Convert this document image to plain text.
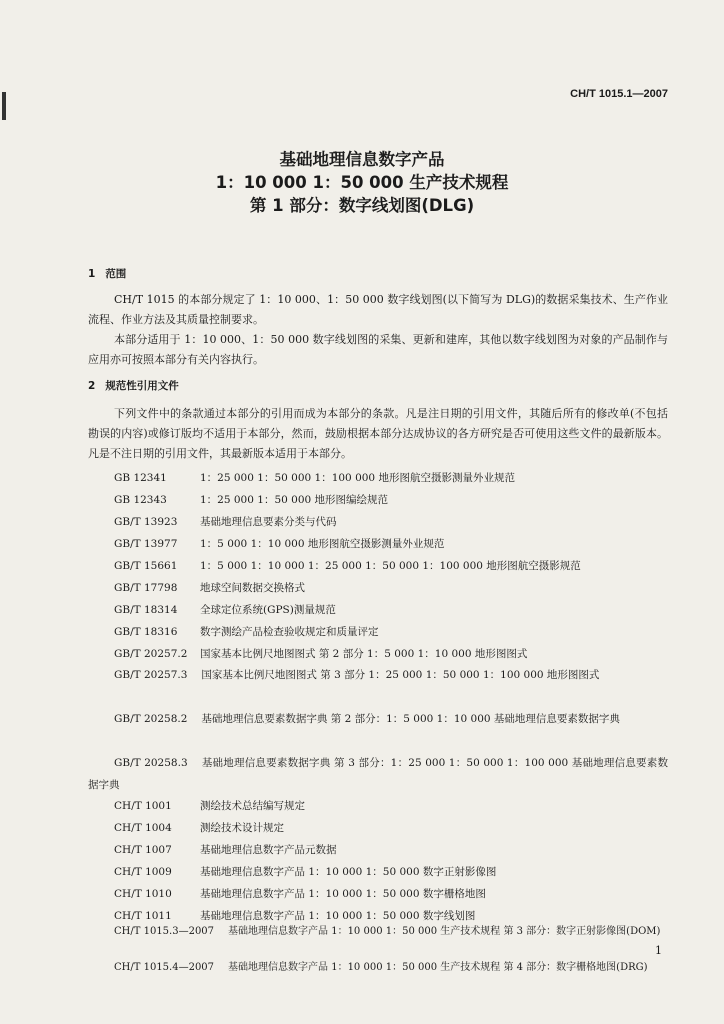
CH/T 1015.1—2007
基础地理信息数字产品
1：10 000 1：50 000 生产技术规程
第 1 部分：数字线划图(DLG)
1 范围
CH/T 1015 的本部分规定了 1：10 000、1：50 000 数字线划图(以下简写为 DLG)的数据采集技术、生产作业流程、作业方法及其质量控制要求。
本部分适用于 1：10 000、1：50 000 数字线划图的采集、更新和建库，其他以数字线划图为对象的产品制作与应用亦可按照本部分有关内容执行。
2 规范性引用文件
下列文件中的条款通过本部分的引用而成为本部分的条款。凡是注日期的引用文件，其随后所有的修改单(不包括勘误的内容)或修订版均不适用于本部分，然而，鼓励根据本部分达成协议的各方研究是否可使用这些文件的最新版本。凡是不注日期的引用文件，其最新版本适用于本部分。
GB 12341	1：25 000 1：50 000 1：100 000 地形图航空摄影测量外业规范
GB 12343	1：25 000 1：50 000 地形图编绘规范
GB/T 13923 基础地理信息要素分类与代码
GB/T 13977 1：5 000 1：10 000 地形图航空摄影测量外业规范
GB/T 15661 1：5 000 1：10 000 1：25 000 1：50 000 1：100 000 地形图航空摄影规范
GB/T 17798 地球空间数据交换格式
GB/T 18314 全球定位系统(GPS)测量规范
GB/T 18316 数字测绘产品检查验收规定和质量评定
GB/T 20257.2 国家基本比例尺地图图式 第 2 部分 1：5 000 1：10 000 地形图图式
GB/T 20257.3 国家基本比例尺地图图式 第 3 部分 1：25 000 1：50 000 1：100 000 地形图图式
GB/T 20258.2 基础地理信息要素数据字典 第 2 部分：1：5 000 1：10 000 基础地理信息要素数据字典
GB/T 20258.3 基础地理信息要素数据字典 第 3 部分：1：25 000 1：50 000 1：100 000 基础地理信息要素数据字典
CH/T 1001	测绘技术总结编写规定
CH/T 1004	测绘技术设计规定
CH/T 1007	基础地理信息数字产品元数据
CH/T 1009	基础地理信息数字产品 1：10 000 1：50 000 数字正射影像图
CH/T 1010	基础地理信息数字产品 1：10 000 1：50 000 数字栅格地图
CH/T 1011	基础地理信息数字产品 1：10 000 1：50 000 数字线划图
CH/T 1015.3—2007 基础地理信息数字产品 1：10 000 1：50 000 生产技术规程 第 3 部分：数字正射影像图(DOM)
CH/T 1015.4—2007 基础地理信息数字产品 1：10 000 1：50 000 生产技术规程 第 4 部分：数字栅格地图(DRG)
1
